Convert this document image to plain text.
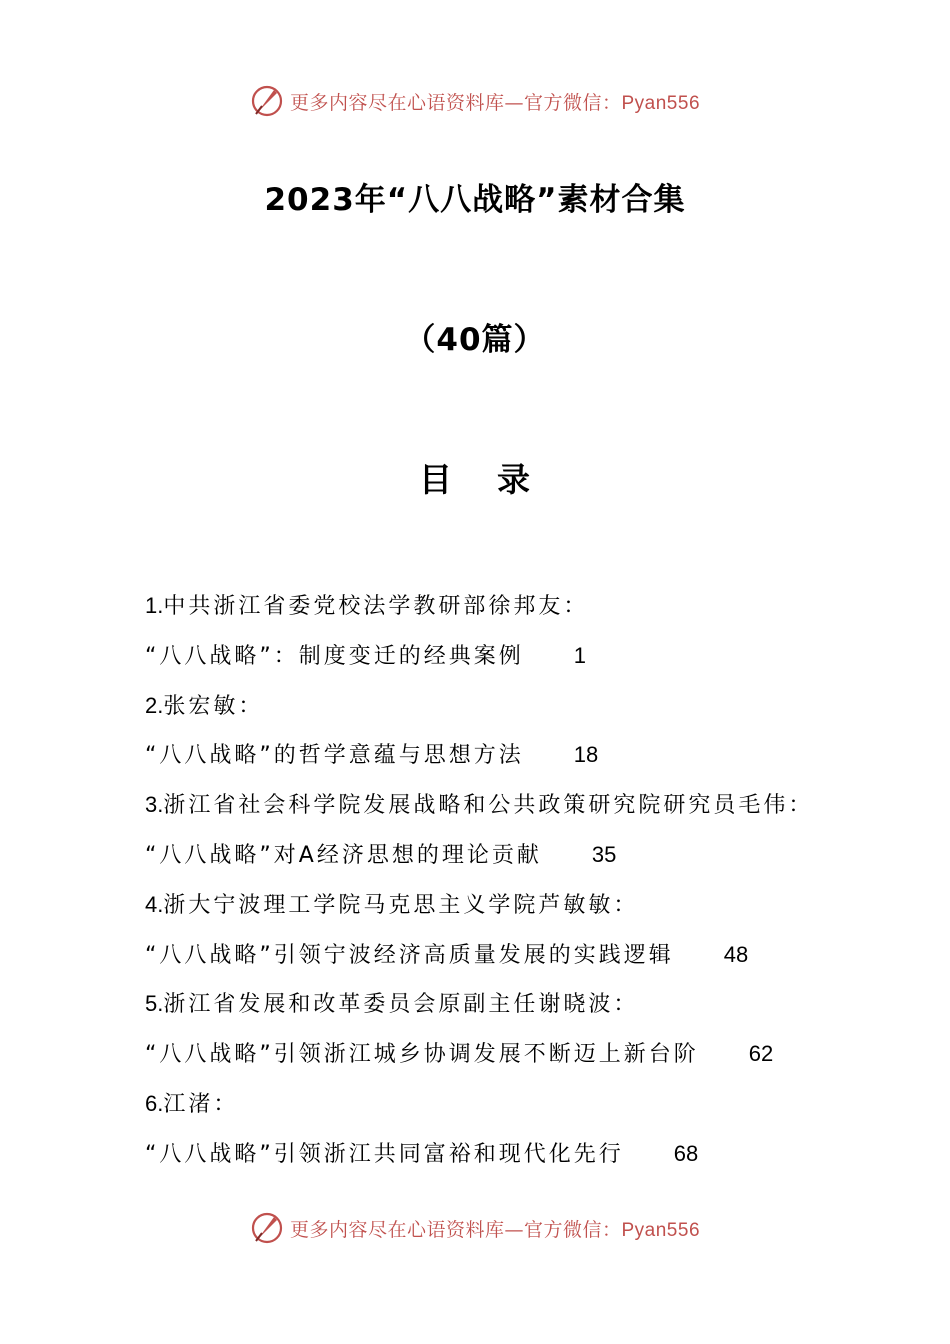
更多内容尽在心语资料库—官方微信：Pyan556
2023年“八八战略”素材合集
（40篇）
目 录
1.中共浙江省委党校法学教研部徐邦友：
“八八战略”：制度变迁的经典案例 1
2.张宏敏：
“八八战略”的哲学意蕴与思想方法 18
3.浙江省社会科学院发展战略和公共政策研究院研究员毛伟：
“八八战略”对A经济思想的理论贡献 35
4.浙大宁波理工学院马克思主义学院芦敏敏：
“八八战略”引领宁波经济高质量发展的实践逻辑 48
5.浙江省发展和改革委员会原副主任谢晓波：
“八八战略”引领浙江城乡协调发展不断迈上新台阶 62
6.江渚：
“八八战略”引领浙江共同富裕和现代化先行 68
更多内容尽在心语资料库—官方微信：Pyan556
